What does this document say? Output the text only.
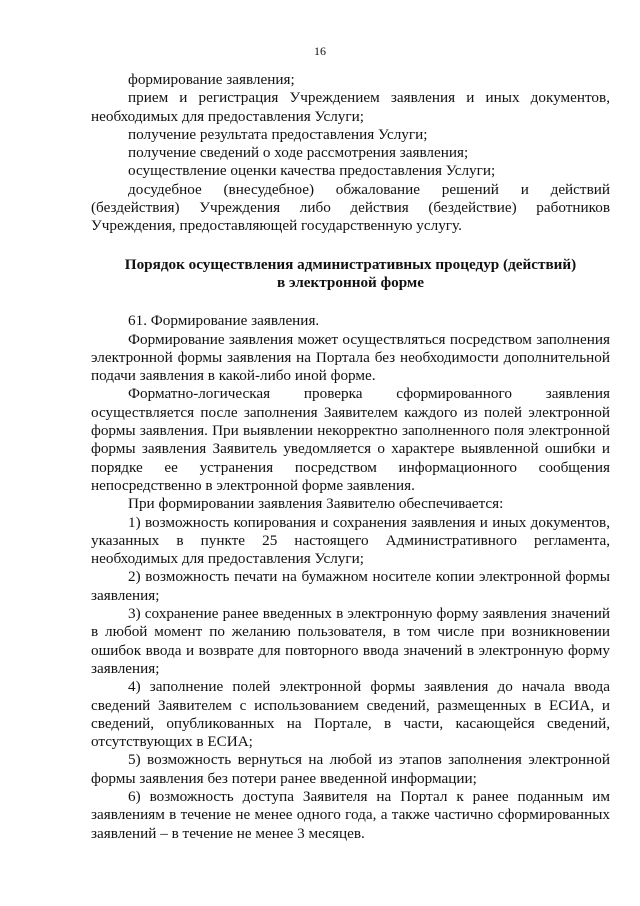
16

формирование заявления;

прием и регистрация Учреждением заявления и иных документов, необходимых для предоставления Услуги;

получение результата предоставления Услуги;

получение сведений о ходе рассмотрения заявления;

осуществление оценки качества предоставления Услуги;

досудебное (внесудебное) обжалование решений и действий (бездействия) Учреждения либо действия (бездействие) работников Учреждения, предоставляющей государственную услугу.

Порядок осуществления административных процедур (действий)
в электронной форме

61. Формирование заявления.

Формирование заявления может осуществляться посредством заполнения электронной формы заявления на Портала без необходимости дополнительной подачи заявления в какой-либо иной форме.

Форматно-логическая проверка сформированного заявления осуществляется после заполнения Заявителем каждого из полей электронной формы заявления. При выявлении некорректно заполненного поля электронной формы заявления Заявитель уведомляется о характере выявленной ошибки и порядке ее устранения посредством информационного сообщения непосредственно в электронной форме заявления.

При формировании заявления Заявителю обеспечивается:

1) возможность копирования и сохранения заявления и иных документов, указанных в пункте 25 настоящего Административного регламента, необходимых для предоставления Услуги;

2) возможность печати на бумажном носителе копии электронной формы заявления;

3) сохранение ранее введенных в электронную форму заявления значений в любой момент по желанию пользователя, в том числе при возникновении ошибок ввода и возврате для повторного ввода значений в электронную форму заявления;

4) заполнение полей электронной формы заявления до начала ввода сведений Заявителем с использованием сведений, размещенных в ЕСИА, и сведений, опубликованных на Портале, в части, касающейся сведений, отсутствующих в ЕСИА;

5) возможность вернуться на любой из этапов заполнения электронной формы заявления без потери ранее введенной информации;

6) возможность доступа Заявителя на Портал к ранее поданным им заявлениям в течение не менее одного года, а также частично сформированных заявлений – в течение не менее 3 месяцев.
